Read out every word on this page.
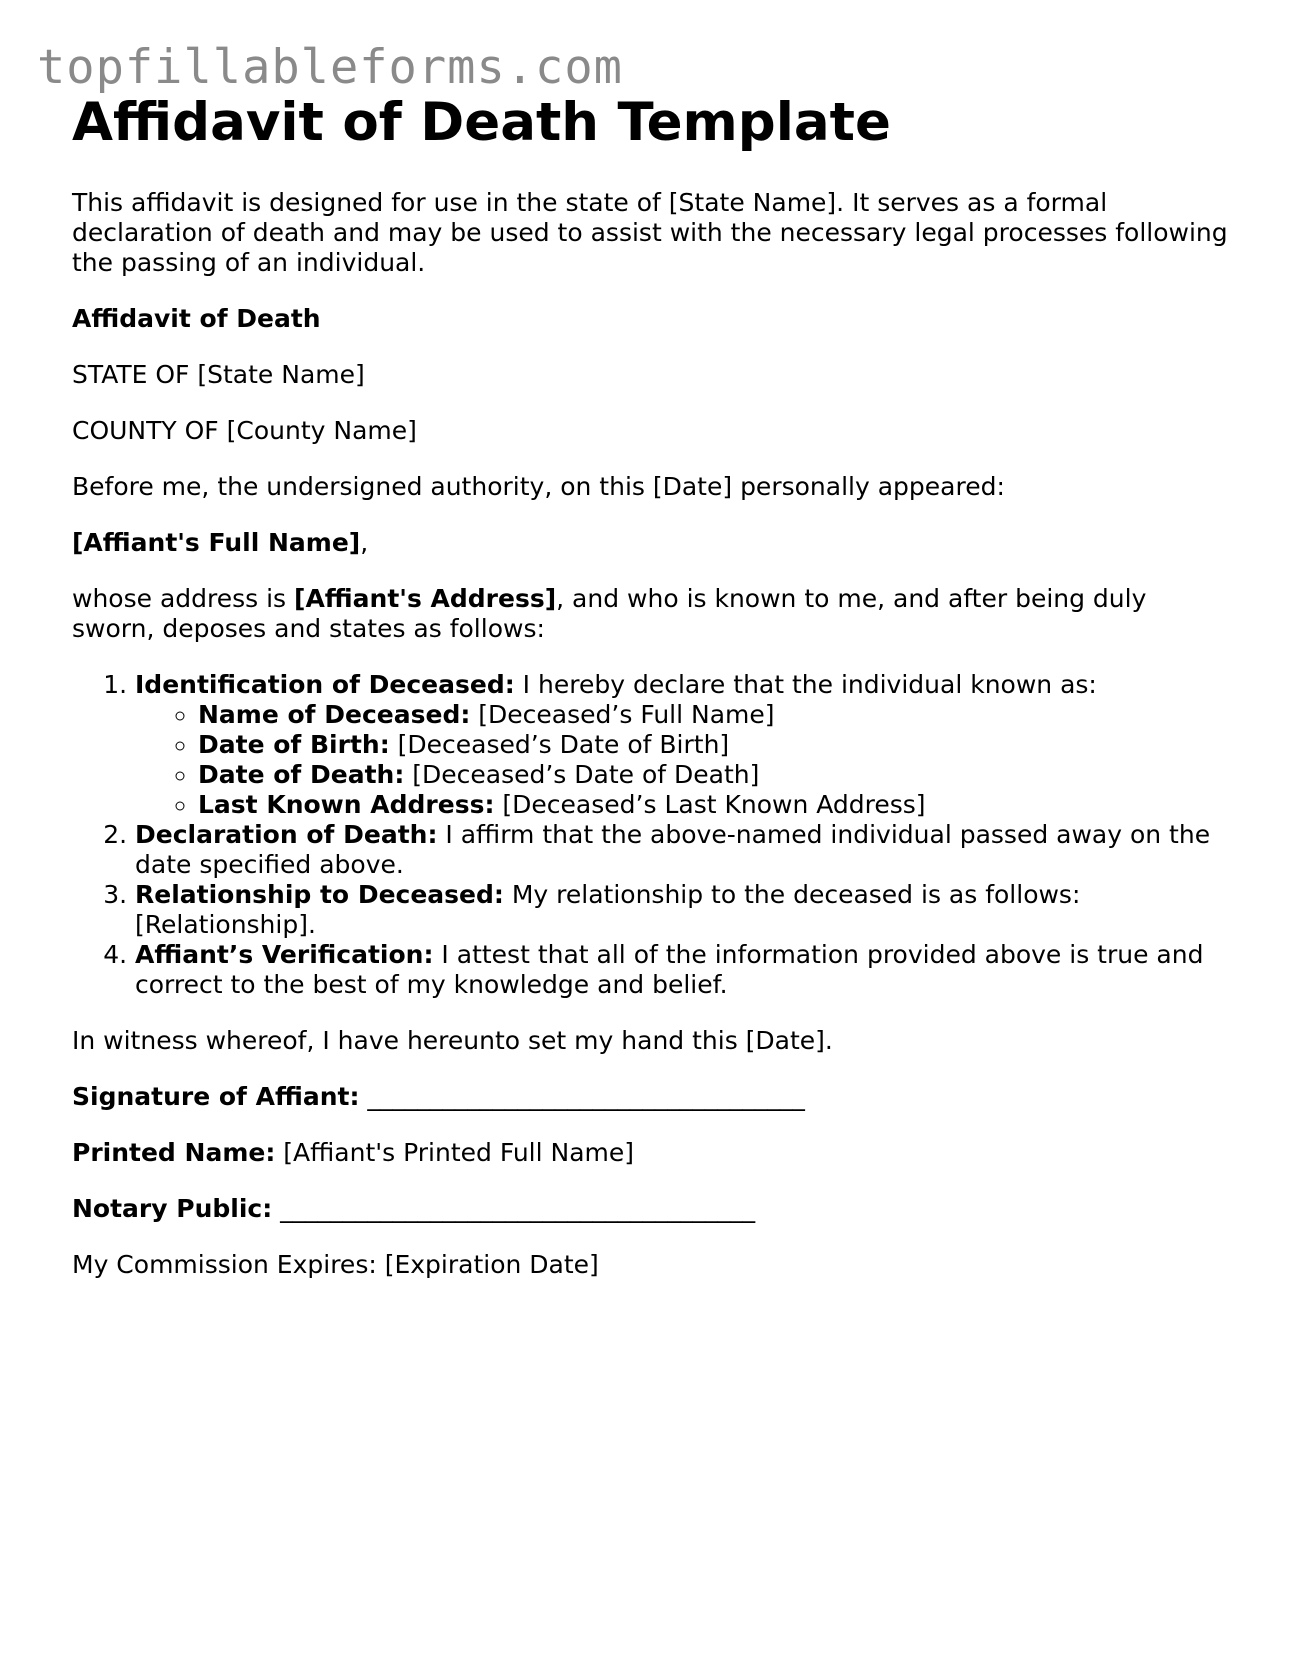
topfillableforms.com
Affidavit of Death Template

This affidavit is designed for use in the state of [State Name]. It serves as a formal declaration of death and may be used to assist with the necessary legal processes following the passing of an individual.

Affidavit of Death

STATE OF [State Name]

COUNTY OF [County Name]

Before me, the undersigned authority, on this [Date] personally appeared:

[Affiant's Full Name],

whose address is [Affiant's Address], and who is known to me, and after being duly sworn, deposes and states as follows:

1. Identification of Deceased: I hereby declare that the individual known as:
◦ Name of Deceased: [Deceased’s Full Name]
◦ Date of Birth: [Deceased’s Date of Birth]
◦ Date of Death: [Deceased’s Date of Death]
◦ Last Known Address: [Deceased’s Last Known Address]
2. Declaration of Death: I affirm that the above-named individual passed away on the date specified above.
3. Relationship to Deceased: My relationship to the deceased is as follows: [Relationship].
4. Affiant’s Verification: I attest that all of the information provided above is true and correct to the best of my knowledge and belief.

In witness whereof, I have hereunto set my hand this [Date].

Signature of Affiant: ___________________________________

Printed Name: [Affiant's Printed Full Name]

Notary Public: ______________________________________

My Commission Expires: [Expiration Date]
